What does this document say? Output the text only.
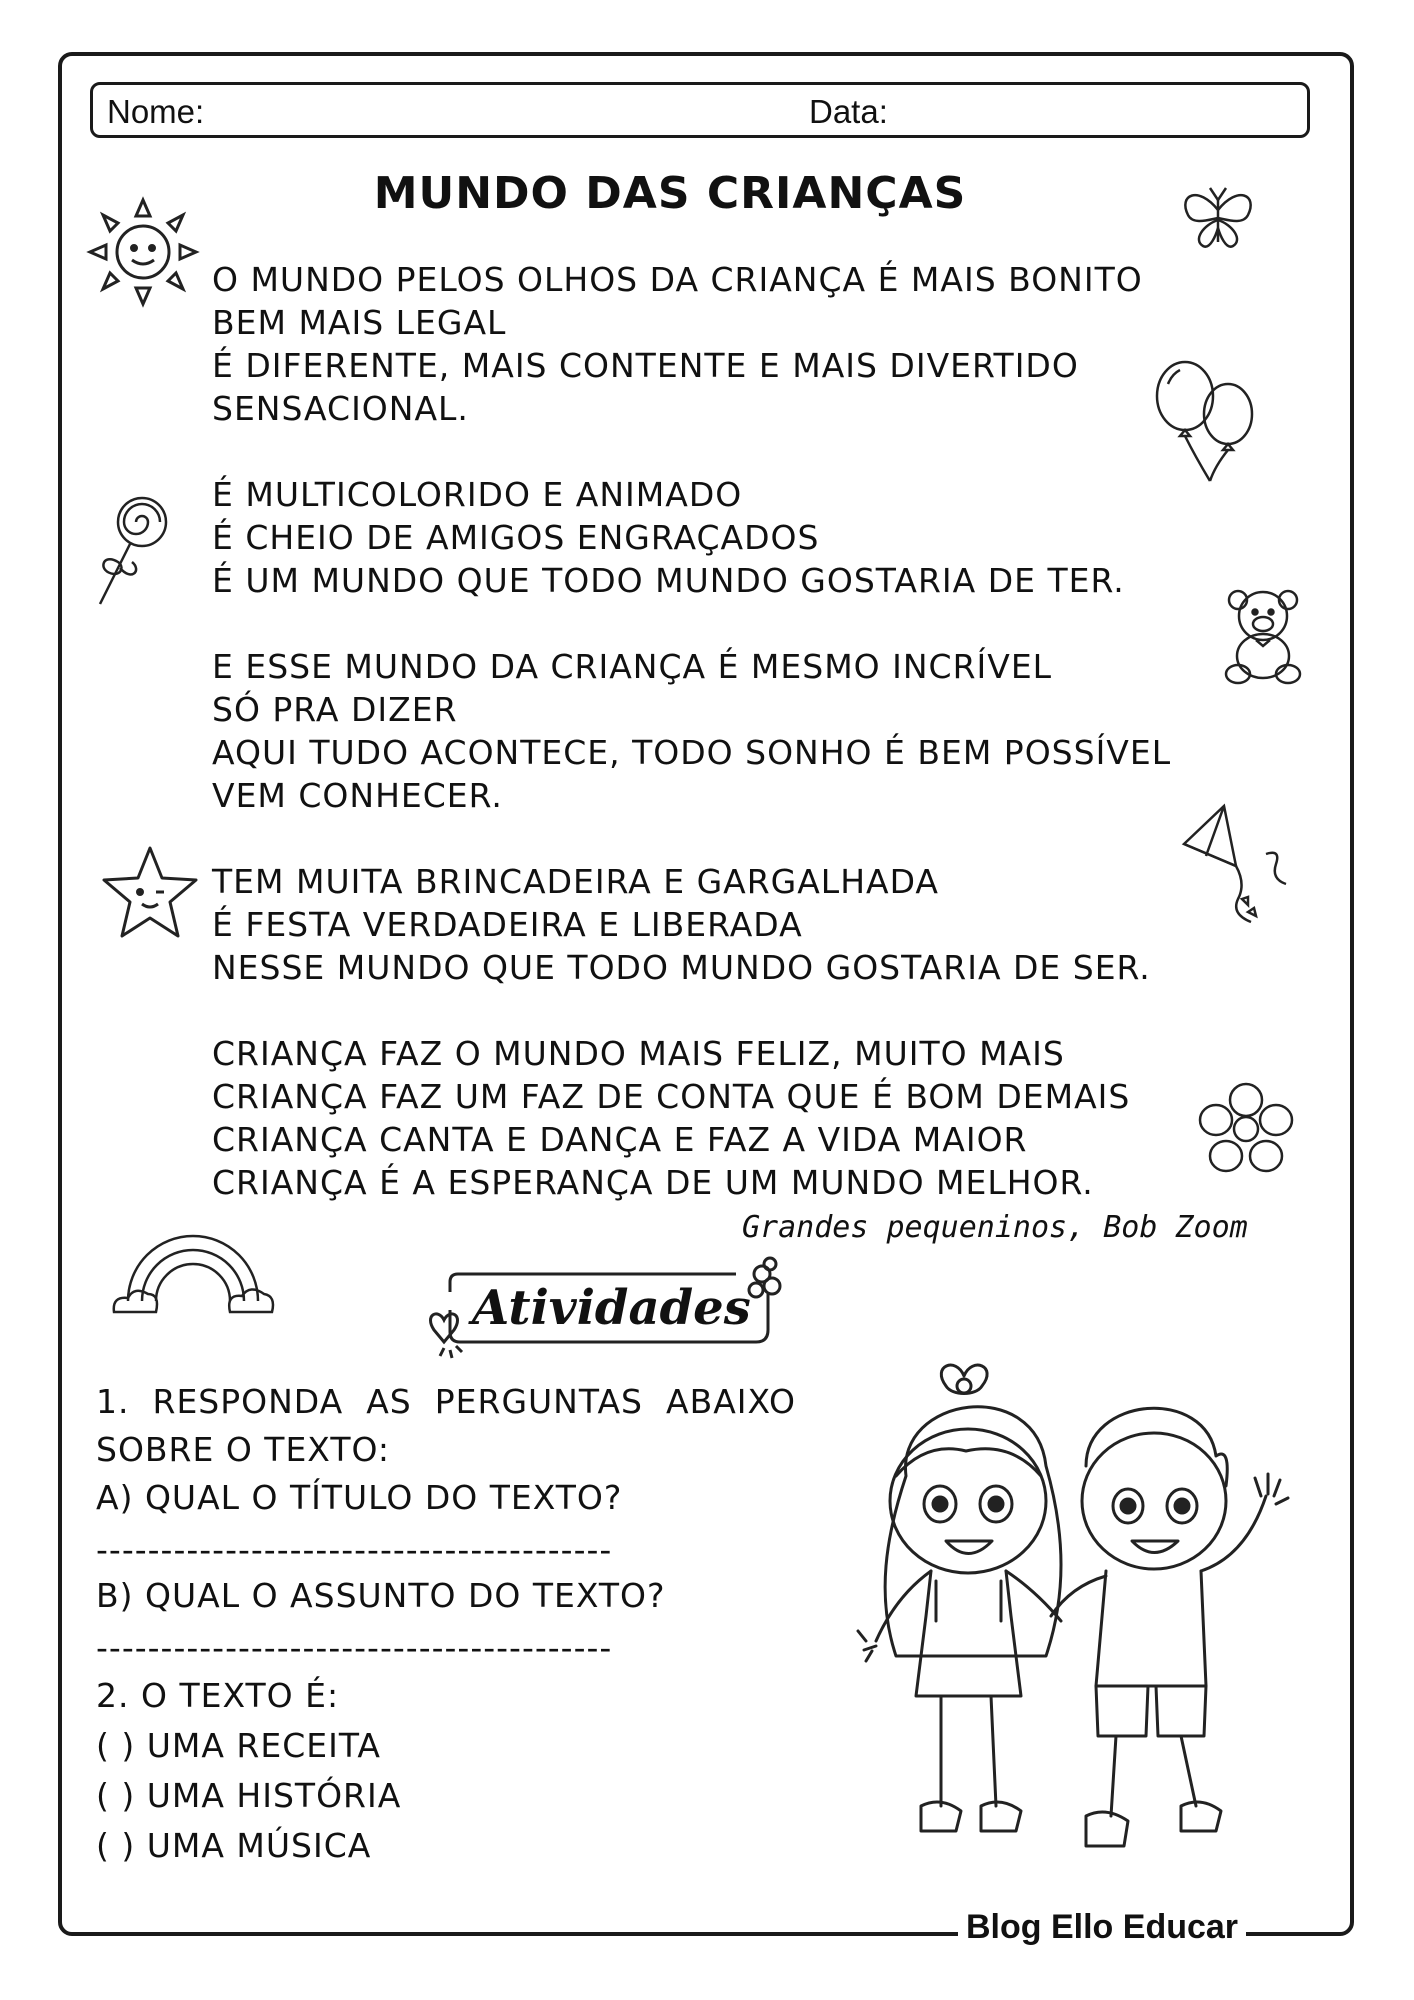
Nome:	Data:
MUNDO DAS CRIANÇAS
O MUNDO PELOS OLHOS DA CRIANÇA É MAIS BONITO
BEM MAIS LEGAL
É DIFERENTE, MAIS CONTENTE E MAIS DIVERTIDO
SENSACIONAL.
É MULTICOLORIDO E ANIMADO
É CHEIO DE AMIGOS ENGRAÇADOS
É UM MUNDO QUE TODO MUNDO GOSTARIA DE TER.
E ESSE MUNDO DA CRIANÇA É MESMO INCRÍVEL
SÓ PRA DIZER
AQUI TUDO ACONTECE, TODO SONHO É BEM POSSÍVEL
VEM CONHECER.
TEM MUITA BRINCADEIRA E GARGALHADA
É FESTA VERDADEIRA E LIBERADA
NESSE MUNDO QUE TODO MUNDO GOSTARIA DE SER.
CRIANÇA FAZ O MUNDO MAIS FELIZ, MUITO MAIS
CRIANÇA FAZ UM FAZ DE CONTA QUE É BOM DEMAIS
CRIANÇA CANTA E DANÇA E FAZ A VIDA MAIOR
CRIANÇA É A ESPERANÇA DE UM MUNDO MELHOR.
Grandes pequeninos, Bob Zoom
Atividades
1. RESPONDA AS PERGUNTAS ABAIXO
SOBRE O TEXTO:
A) QUAL O TÍTULO DO TEXTO?
----------------------------------------
B) QUAL O ASSUNTO DO TEXTO?
----------------------------------------
2. O TEXTO É:
( ) UMA RECEITA
( ) UMA HISTÓRIA
( ) UMA MÚSICA
Blog Ello Educar
